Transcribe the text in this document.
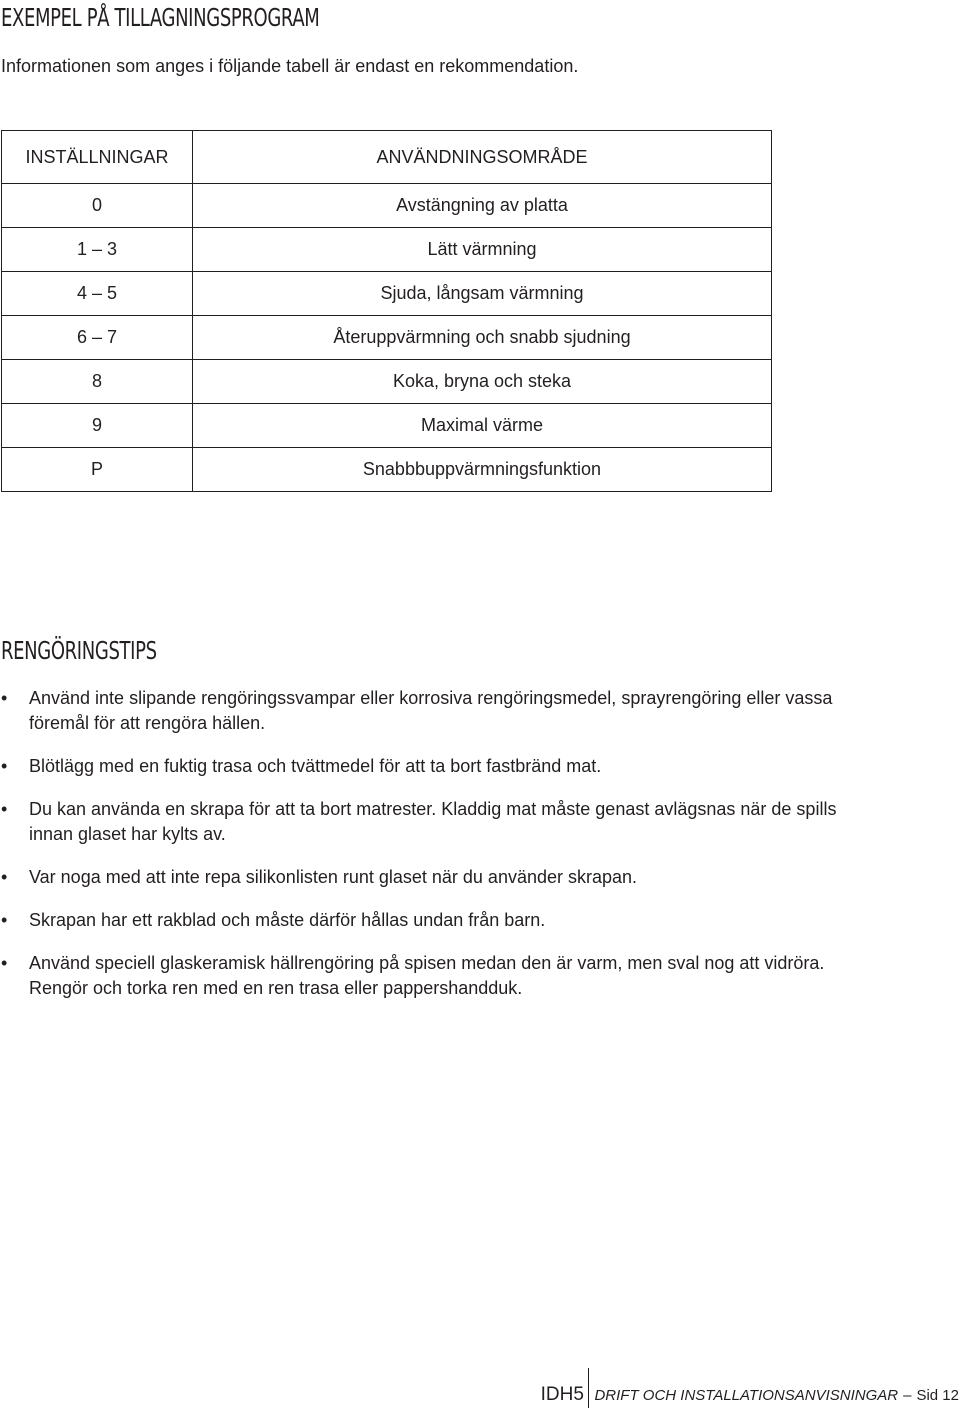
EXEMPEL PÅ TILLAGNINGSPROGRAM

Informationen som anges i följande tabell är endast en rekommendation.

INSTÄLLNINGAR	ANVÄNDNINGSOMRÅDE
0	Avstängning av platta
1 – 3	Lätt värmning
4 – 5	Sjuda, långsam värmning
6 – 7	Återuppvärmning och snabb sjudning
8	Koka, bryna och steka
9	Maximal värme
P	Snabbbuppvärmningsfunktion
RENGÖRINGSTIPS
• Använd inte slipande rengöringssvampar eller korrosiva rengöringsmedel, sprayrengöring eller vassa föremål för att rengöra hällen.
• Blötlägg med en fuktig trasa och tvättmedel för att ta bort fastbränd mat.
• Du kan använda en skrapa för att ta bort matrester. Kladdig mat måste genast avlägsnas när de spills innan glaset har kylts av.
• Var noga med att inte repa silikonlisten runt glaset när du använder skrapan.
• Skrapan har ett rakblad och måste därför hållas undan från barn.
• Använd speciell glaskeramisk hällrengöring på spisen medan den är varm, men sval nog att vidröra. Rengör och torka ren med en ren trasa eller pappershandduk.
IDH5 DRIFT OCH INSTALLATIONSANVISNINGAR – Sid 12
